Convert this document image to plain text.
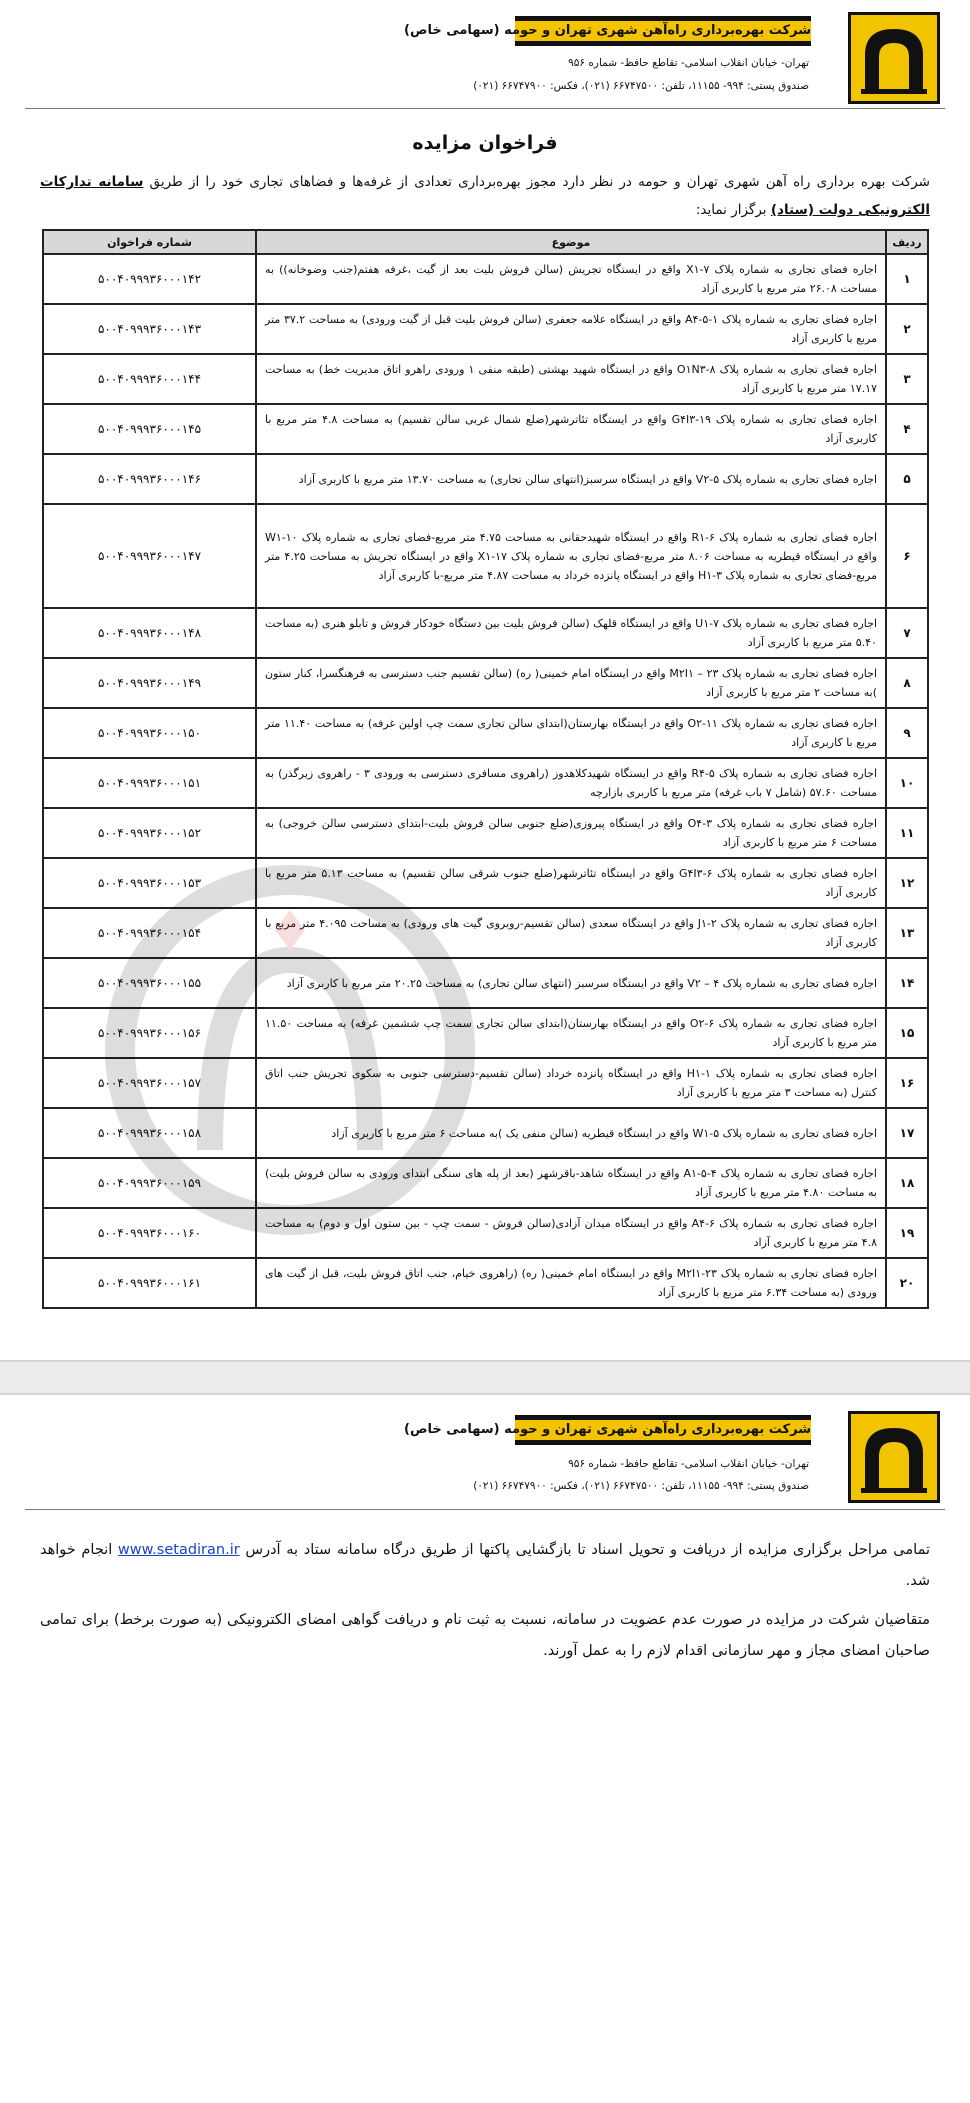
شرکت بهره‌برداری راه‌آهن شهری تهران و حومه (سهامی خاص)
تهران- خیابان انقلاب اسلامی- تقاطع حافظ- شماره ۹۵۶
صندوق پستی: ۹۹۴- ۱۱۱۵۵، تلفن: ۶۶۷۴۷۵۰۰ (۰۲۱)، فکس: ۶۶۷۴۷۹۰۰ (۰۲۱)
فراخوان مزایده

شرکت بهره برداری راه آهن شهری تهران و حومه در نظر دارد مجوز بهره‌برداری تعدادی از غرفه‌ها و فضاهای تجاری خود را از طریق سامانه تدارکات الکترونیکی دولت (ستاد) برگزار نماید:

ردیف	موضوع	شماره فراخوان
۱	اجاره فضای تجاری به شماره پلاک X۱-۷ واقع در ایستگاه تجریش (سالن فروش بلیت بعد از گیت ،غرفه هفتم(جنب وضوخانه)) به مساحت ۲۶.۰۸ متر مربع با کاربری آزاد	۵۰۰۴۰۹۹۹۳۶۰۰۰۱۴۲
۲	اجاره فضای تجاری به شماره پلاک A۴-۵-۱ واقع در ایستگاه علامه جعفری (سالن فروش بلیت قبل از گیت ورودی) به مساحت ۳۷.۲ متر مربع با کاربری آزاد	۵۰۰۴۰۹۹۹۳۶۰۰۰۱۴۳
۳	اجاره فضای تجاری به شماره پلاک O۱N۳-۸ واقع در ایستگاه شهید بهشتی (طبقه منفی ۱ ورودی راهرو اتاق مدیریت خط) به مساحت ۱۷.۱۷ متر مربع با کاربری آزاد	۵۰۰۴۰۹۹۹۳۶۰۰۰۱۴۴
۴	اجاره فضای تجاری به شماره پلاک G۴I۳-۱۹ واقع در ایستگاه تئاترشهر(ضلع شمال غربی سالن تقسیم) به مساحت ۴.۸ متر مربع با کاربری آزاد	۵۰۰۴۰۹۹۹۳۶۰۰۰۱۴۵
۵	اجاره فضای تجاری به شماره پلاک V۲-۵ واقع در ایستگاه سرسبز(انتهای سالن تجاری) به مساحت ۱۳.۷۰ متر مربع با کاربری آزاد	۵۰۰۴۰۹۹۹۳۶۰۰۰۱۴۶
۶	اجاره فضای تجاری به شماره پلاک R۱-۶ واقع در ایستگاه شهیدحقانی به مساحت ۴.۷۵ متر مربع-فضای تجاری به شماره پلاک W۱-۱۰ واقع در ایستگاه قیطریه به مساحت ۸.۰۶ متر مربع-فضای تجاری به شماره پلاک X۱-۱۷ واقع در ایستگاه تجریش به مساحت ۴.۲۵ متر مربع-فضای تجاری به شماره پلاک H۱-۳ واقع در ایستگاه پانزده خرداد به مساحت ۴.۸۷ متر مربع-با کاربری آزاد	۵۰۰۴۰۹۹۹۳۶۰۰۰۱۴۷
۷	اجاره فضای تجاری به شماره پلاک U۱-۷ واقع در ایستگاه قلهک (سالن فروش بلیت بین دستگاه خودکار فروش و تابلو هنری (به مساحت ۵.۴۰ متر مربع با کاربری آزاد	۵۰۰۴۰۹۹۹۳۶۰۰۰۱۴۸
۸	اجاره فضای تجاری به شماره پلاک M۲I۱ – ۲۳ واقع در ایستگاه امام خمینی( ره) (سالن تقسیم جنب دسترسی به فرهنگسرا، کنار ستون )به مساحت ۲ متر مربع با کاربری آزاد	۵۰۰۴۰۹۹۹۳۶۰۰۰۱۴۹
۹	اجاره فضای تجاری به شماره پلاک O۲-۱۱ واقع در ایستگاه بهارستان(ابتدای سالن تجاری سمت چپ اولین غرفه) به مساحت ۱۱.۴۰ متر مربع با کاربری آزاد	۵۰۰۴۰۹۹۹۳۶۰۰۰۱۵۰
۱۰	اجاره فضای تجاری به شماره پلاک R۴-۵ واقع در ایستگاه شهیدکلاهدوز (راهروی مسافری دسترسی به ورودی ۳ - راهروی زیرگذر) به مساحت ۵۷.۶۰ (شامل ۷ باب غرفه) متر مربع با کاربری بازارچه	۵۰۰۴۰۹۹۹۳۶۰۰۰۱۵۱
۱۱	اجاره فضای تجاری به شماره پلاک O۴-۳ واقع در ایستگاه پیروزی(ضلع جنوبی سالن فروش بلیت-ابتدای دسترسی سالن خروجی) به مساحت ۶ متر مربع با کاربری آزاد	۵۰۰۴۰۹۹۹۳۶۰۰۰۱۵۲
۱۲	اجاره فضای تجاری به شماره پلاک G۴I۳-۶ واقع در ایستگاه تئاترشهر(ضلع جنوب شرقی سالن تقسیم) به مساحت ۵.۱۳ متر مربع با کاربری آزاد	۵۰۰۴۰۹۹۹۳۶۰۰۰۱۵۳
۱۳	اجاره فضای تجاری به شماره پلاک J۱-۲ واقع در ایستگاه سعدی (سالن تقسیم-روبروی گیت های ورودی) به مساحت ۴.۰۹۵ متر مربع با کاربری آزاد	۵۰۰۴۰۹۹۹۳۶۰۰۰۱۵۴
۱۴	اجاره فضای تجاری به شماره پلاک V۲ – ۴ واقع در ایستگاه سرسبز (انتهای سالن تجاری) به مساحت ۲۰.۲۵ متر مربع با کاربری آزاد	۵۰۰۴۰۹۹۹۳۶۰۰۰۱۵۵
۱۵	اجاره فضای تجاری به شماره پلاک O۲-۶ واقع در ایستگاه بهارستان(ابتدای سالن تجاری سمت چپ ششمین غرفه) به مساحت ۱۱.۵۰ متر مربع با کاربری آزاد	۵۰۰۴۰۹۹۹۳۶۰۰۰۱۵۶
۱۶	اجاره فضای تجاری به شماره پلاک H۱-۱ واقع در ایستگاه پانزده خرداد (سالن تقسیم-دسترسی جنوبی به سکوی تجریش جنب اتاق کنترل (به مساحت ۳ متر مربع با کاربری آزاد	۵۰۰۴۰۹۹۹۳۶۰۰۰۱۵۷
۱۷	اجاره فضای تجاری به شماره پلاک W۱-۵ واقع در ایستگاه قیطریه (سالن منفی یک )به مساحت ۶ متر مربع با کاربری آزاد	۵۰۰۴۰۹۹۹۳۶۰۰۰۱۵۸
۱۸	اجاره فضای تجاری به شماره پلاک A۱-۵-۴ واقع در ایستگاه شاهد-باقرشهر (بعد از پله های سنگی ابتدای ورودی به سالن فروش بلیت) به مساحت ۴.۸۰ متر مربع با کاربری آزاد	۵۰۰۴۰۹۹۹۳۶۰۰۰۱۵۹
۱۹	اجاره فضای تجاری به شماره پلاک A۴-۶ واقع در ایستگاه میدان آزادی(سالن فروش - سمت چپ - بین ستون اول و دوم) به مساحت ۴.۸ متر مربع با کاربری آزاد	۵۰۰۴۰۹۹۹۳۶۰۰۰۱۶۰
۲۰	اجاره فضای تجاری به شماره پلاک M۲I۱-۲۳ واقع در ایستگاه امام خمینی( ره) (راهروی خیام، جنب اتاق فروش بلیت، قبل از گیت های ورودی (به مساحت ۶.۳۴ متر مربع با کاربری آزاد	۵۰۰۴۰۹۹۹۳۶۰۰۰۱۶۱
شرکت بهره‌برداری راه‌آهن شهری تهران و حومه (سهامی خاص)
تهران- خیابان انقلاب اسلامی- تقاطع حافظ- شماره ۹۵۶
صندوق پستی: ۹۹۴- ۱۱۱۵۵، تلفن: ۶۶۷۴۷۵۰۰ (۰۲۱)، فکس: ۶۶۷۴۷۹۰۰ (۰۲۱)

تمامی مراحل برگزاری مزایده از دریافت و تحویل اسناد تا بازگشایی پاکتها از طریق درگاه سامانه ستاد به آدرس www.setadiran.ir انجام خواهد شد.

متقاضیان شرکت در مزایده در صورت عدم عضویت در سامانه، نسبت به ثبت نام و دریافت گواهی امضای الکترونیکی (به صورت برخط) برای تمامی صاحبان امضای مجاز و مهر سازمانی اقدام لازم را به عمل آورند.
